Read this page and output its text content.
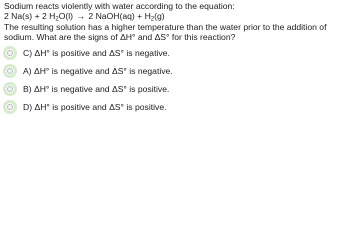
Sodium reacts violently with water according to the equation:

2 Na(s) + 2 $H_2O(l) \to 2$ NaOH(aq) + $H_2(g)$

The resulting solution has a higher temperature than the water prior to the addition of sodium. What are the signs of ΔH° and ΔS° for this reaction?

C) ΔH° is positive and ΔS° is negative.
A) ΔH° is negative and ΔS° is negative.
B) ΔH° is negative and ΔS° is positive.
D) ΔH° is positive and ΔS° is positive.
